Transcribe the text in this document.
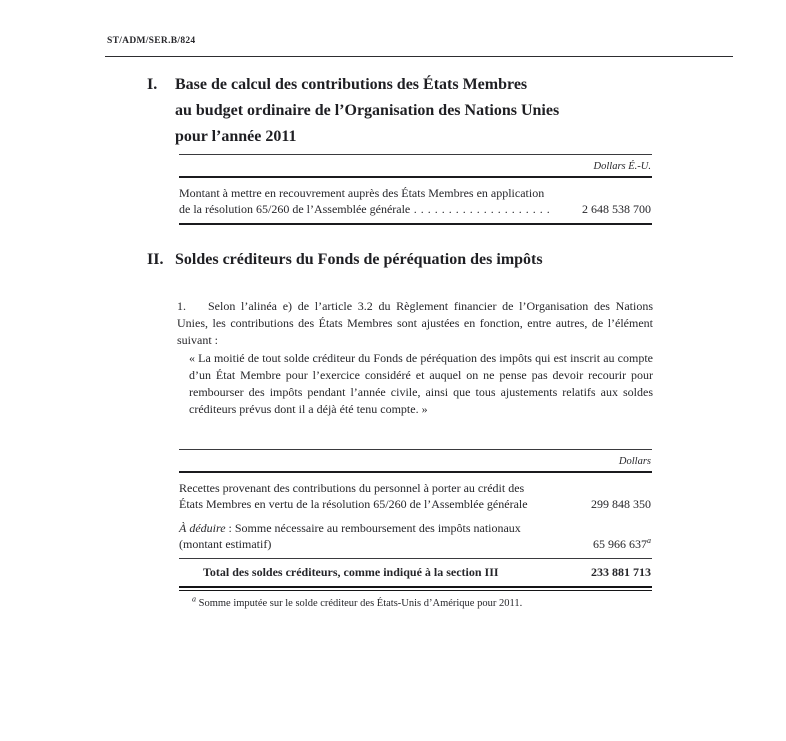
ST/ADM/SER.B/824
I.	Base de calcul des contributions des États Membres
au budget ordinaire de l’Organisation des Nations Unies
pour l’année 2011
Dollars É.-U.
Montant à mettre en recouvrement auprès des États Membres en application
de la résolution 65/260 de l’Assemblée générale . . . . . . . . . . . . . . . . . . . .	2 648 538 700
II. Soldes créditeurs du Fonds de péréquation des impôts

1. Selon l’alinéa e) de l’article 3.2 du Règlement financier de l’Organisation des Nations Unies, les contributions des États Membres sont ajustées en fonction, entre autres, de l’élément suivant :

« La moitié de tout solde créditeur du Fonds de péréquation des impôts qui est inscrit au compte d’un État Membre pour l’exercice considéré et auquel on ne pense pas devoir recourir pour rembourser des impôts pendant l’année civile, ainsi que tous ajustements relatifs aux soldes créditeurs prévus dont il a déjà été tenu compte. »
Dollars
Recettes provenant des contributions du personnel à porter au crédit des
États Membres en vertu de la résolution 65/260 de l’Assemblée générale	299 848 350
À déduire : Somme nécessaire au remboursement des impôts nationaux
(montant estimatif)	65 966 637$^a$
Total des soldes créditeurs, comme indiqué à la section III	233 881 713
$^a$ Somme imputée sur le solde créditeur des États-Unis d’Amérique pour 2011.
